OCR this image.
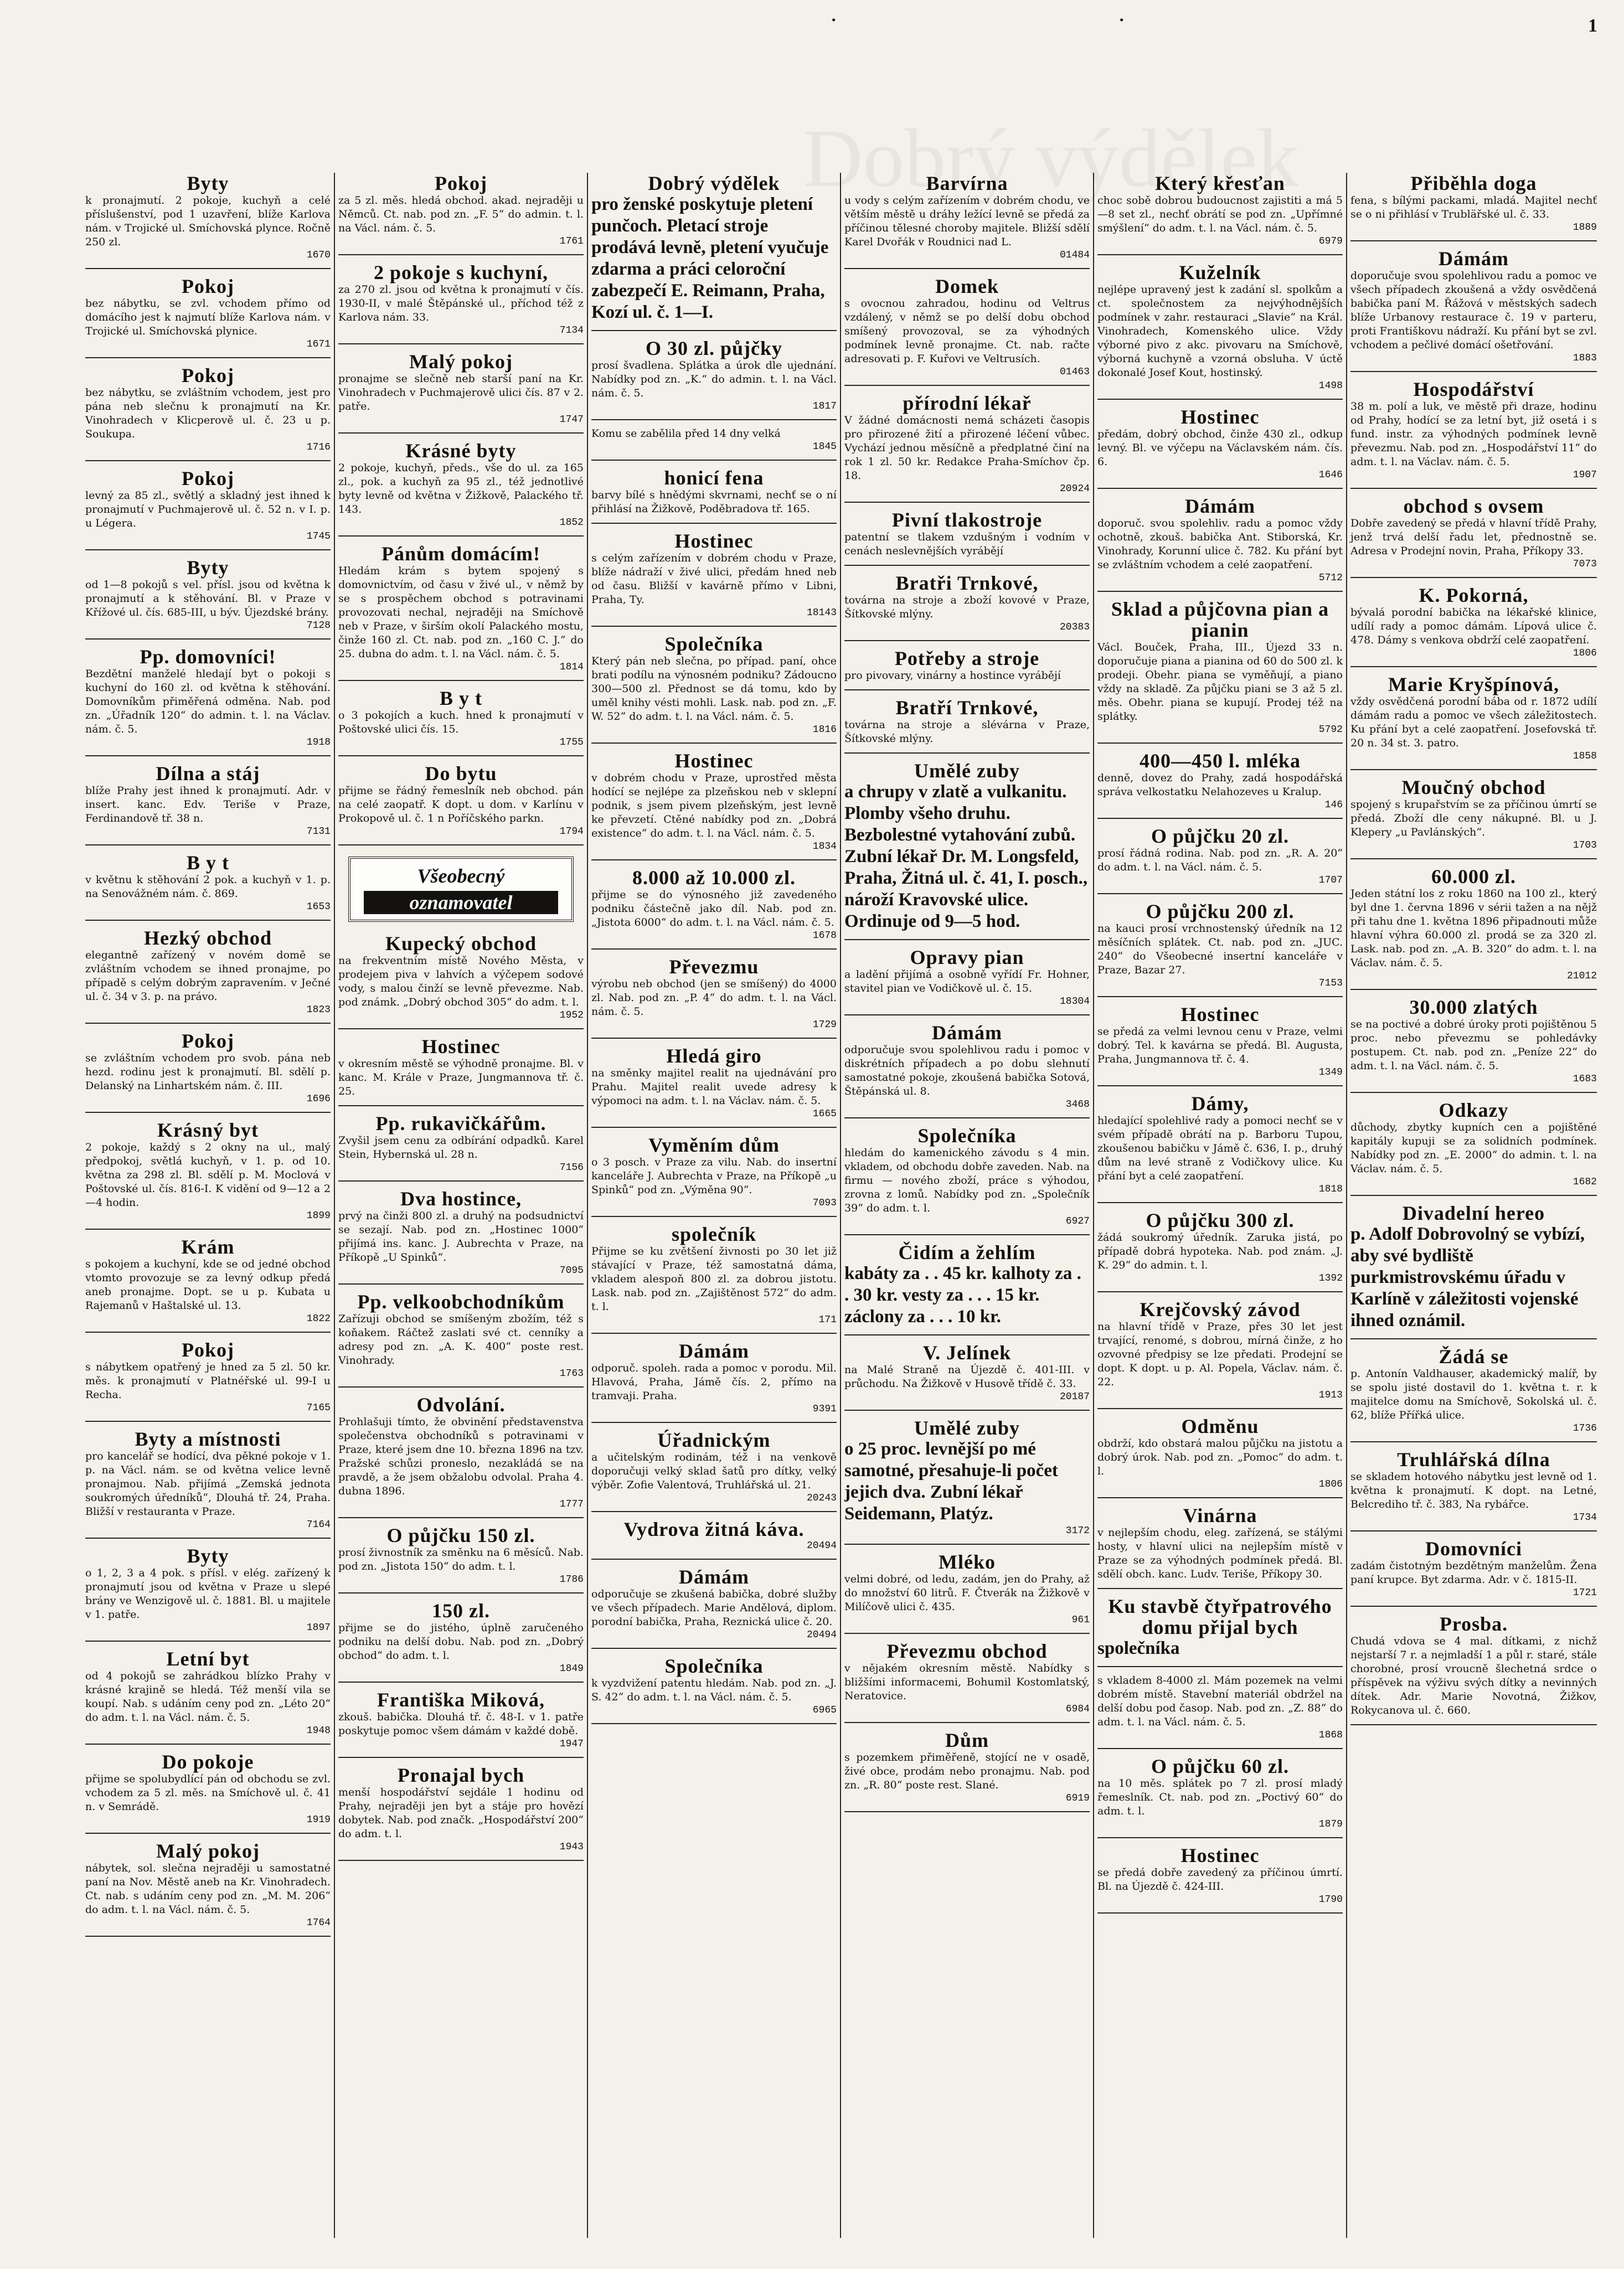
˙	˙	1
Byty
k pronajmutí. 2 pokoje, kuchyň a celé příslušenství, pod 1 uzavření, blíže Karlova nám. v Trojické ul. Smíchovská plynce. Ročně 250 zl.
1670
Pokoj
bez nábytku, se zvl. vchodem přímo od domácího jest k najmutí blíže Karlova nám. v Trojické ul. Smíchovská plynice.
1671
Pokoj
bez nábytku, se zvláštním vchodem, jest pro pána neb slečnu k pronajmutí na Kr. Vinohradech v Klicperově ul. č. 23 u p. Soukupa.
1716
Pokoj
levný za 85 zl., světlý a skladný jest ihned k pronajmutí v Puchmajerově ul. č. 52 n. v I. p. u Légera.
1745
Byty
od 1—8 pokojů s vel. přísl. jsou od května k pronajmutí a k stěhování. Bl. v Praze v Křížové ul. čís. 685-III, u býv. Újezdské brány.
7128
Pp. domovníci!
Bezdětní manželé hledají byt o pokoji s kuchyní do 160 zl. od května k stěhování. Domovníkům přiměřená odměna. Nab. pod zn. „Úřadník 120“ do admin. t. l. na Václav. nám. č. 5.
1918
Dílna a stáj
blíže Prahy jest ihned k pronajmutí. Adr. v insert. kanc. Edv. Teriše v Praze, Ferdinandově tř. 38 n.
7131
B y t
v květnu k stěhování 2 pok. a kuchyň v 1. p. na Senovážném nám. č. 869.
1653
Hezký obchod
elegantně zařízený v novém domě se zvláštním vchodem se ihned pronajme, po případě s celým dobrým zapravením. v Ječné ul. č. 34 v 3. p. na právo.
1823
Pokoj
se zvláštním vchodem pro svob. pána neb hezd. rodinu jest k pronajmutí. Bl. sdělí p. Delanský na Linhartském nám. č. III.
1696
Krásný byt
2 pokoje, každý s 2 okny na ul., malý předpokoj, světlá kuchyň, v 1. p. od 10. května za 298 zl. Bl. sdělí p. M. Moclová v Poštovské ul. čís. 816-I. K vidění od 9—12 a 2—4 hodin.
1899
Krám
s pokojem a kuchyní, kde se od jedné obchod vtomto provozuje se za levný odkup předá aneb pronajme. Dopt. se u p. Kubata u Rajemanů v Haštalské ul. 13.
1822
Pokoj
s nábytkem opatřený je hned za 5 zl. 50 kr. měs. k pronajmutí v Platnéřské ul. 99-I u Recha.
7165
Byty a místnosti
pro kancelář se hodící, dva pěkné pokoje v 1. p. na Václ. nám. se od května velice levně pronajmou. Nab. přijímá „Zemská jednota soukromých úředníků“, Dlouhá tř. 24, Praha. Bližší v restauranta v Praze.
7164
Byty
o 1, 2, 3 a 4 pok. s přísl. v elég. zařízený k pronajmutí jsou od května v Praze u slepé brány ve Wenzigově ul. č. 1881. Bl. u majitele v 1. patře.
1897
Letní byt
od 4 pokojů se zahrádkou blízko Prahy v krásné krajině se hledá. Též menší vila se koupí. Nab. s udáním ceny pod zn. „Léto 20“ do adm. t. l. na Václ. nám. č. 5.
1948
Do pokoje
přijme se spolubydlící pán od obchodu se zvl. vchodem za 5 zl. měs. na Smíchově ul. č. 41 n. v Semrádě.
1919
Malý pokoj
nábytek, sol. slečna nejraději u samostatné paní na Nov. Městě aneb na Kr. Vinohradech. Ct. nab. s udáním ceny pod zn. „M. M. 206“ do adm. t. l. na Václ. nám. č. 5.
1764
Pokoj
za 5 zl. měs. hledá obchod. akad. nejraději u Němců. Ct. nab. pod zn. „F. 5“ do admin. t. l. na Václ. nám. č. 5.
1761
2 pokoje s kuchyní,
za 270 zl. jsou od května k pronajmutí v čís. 1930-II, v malé Štěpánské ul., příchod též z Karlova nám. 33.
7134
Malý pokoj
pronajme se slečně neb starší paní na Kr. Vinohradech v Puchmajerově ulici čís. 87 v 2. patře.
1747
Krásné byty
2 pokoje, kuchyň, předs., vše do ul. za 165 zl., pok. a kuchyň za 95 zl., též jednotlivé byty levně od května v Žižkově, Palackého tř. 143.
1852
Pánům domácím!
Hledám krám s bytem spojený s domovnictvím, od času v živé ul., v němž by se s prospěchem obchod s potravinami provozovati nechal, nejraději na Smíchově neb v Praze, v širším okolí Palackého mostu, činže 160 zl. Ct. nab. pod zn. „160 C. J.“ do 25. dubna do adm. t. l. na Václ. nám. č. 5.
1814
B y t
o 3 pokojích a kuch. hned k pronajmutí v Poštovské ulici čís. 15.
1755
Do bytu
přijme se řádný řemeslník neb obchod. pán na celé zaopatř. K dopt. u dom. v Karlínu v Prokopově ul. č. 1 n Poříčského parkn.
1794
Všeobecný
oznamovatel
Kupecký obchod
na frekventním místě Nového Města, v prodejem piva v lahvích a výčepem sodové vody, s malou činží se levně převezme. Nab. pod známk. „Dobrý obchod 305“ do adm. t. l.
1952
Hostinec
v okresním městě se výhodně pronajme. Bl. v kanc. M. Krále v Praze, Jungmannova tř. č. 25.
Pp. rukavičkářům.
Zvyšil jsem cenu za odbírání odpadků. Karel Stein, Hybernská ul. 28 n.
7156
Dva hostince,
prvý na činži 800 zl. a druhý na podsudnictví se sezají. Nab. pod zn. „Hostinec 1000“ přijímá ins. kanc. J. Aubrechta v Praze, na Příkopě „U Spinků“.
7095
Pp. velkoobchodníkům
Zařízuji obchod se smíšeným zbožím, též s koňakem. Ráčtež zaslati své ct. cenníky a adresy pod zn. „A. K. 400“ poste rest. Vinohrady.
1763
Odvolání.
Prohlašuji tímto, že obvinění představenstva společenstva obchodníků s potravinami v Praze, které jsem dne 10. března 1896 na tzv. Pražské schůzi proneslo, nezakládá se na pravdě, a že jsem obžalobu odvolal. Praha 4. dubna 1896.
1777
O půjčku 150 zl.
prosí živnostník za směnku na 6 měsíců. Nab. pod zn. „Jistota 150“ do adm. t. l.
1786
150 zl.
přijme se do jistého, úplně zaručeného podniku na delší dobu. Nab. pod zn. „Dobrý obchod“ do adm. t. l.
1849
Františka Miková,
zkouš. babička. Dlouhá tř. č. 48-I. v 1. patře poskytuje pomoc všem dámám v každé době.
1947
Pronajal bych
menší hospodářství sejdále 1 hodinu od Prahy, nejraději jen byt a stáje pro hovězí dobytek. Nab. pod značk. „Hospodářství 200“ do adm. t. l.
1943
Dobrý výdělek
pro ženské poskytuje pletení punčoch. Pletací stroje prodává levně, pletení vyučuje zdarma a práci celoroční zabezpečí E. Reimann, Praha, Kozí ul. č. 1—I.
O 30 zl. půjčky
prosí švadlena. Splátka a úrok dle ujednání. Nabídky pod zn. „K.“ do admin. t. l. na Václ. nám. č. 5.
1817
Komu se zabělila před 14 dny velká
1845
honicí fena
barvy bílé s hnědými skvrnami, nechť se o ní přihlásí na Žižkově, Poděbradova tř. 165.
Hostinec
s celým zařízením v dobrém chodu v Praze, blíže nádraží v živé ulici, předám hned neb od času. Bližší v kavárně přímo v Libni, Praha, Ty.
18143
Společníka
Který pán neb slečna, po případ. paní, ohce brati podílu na výnosném podniku? Zádoucno 300—500 zl. Přednost se dá tomu, kdo by uměl knihy vésti mohli. Lask. nab. pod zn. „F. W. 52“ do adm. t. l. na Václ. nám. č. 5.
1816
Hostinec
v dobrém chodu v Praze, uprostřed města hodící se nejlépe za plzeňskou neb v sklepní podnik, s jsem pivem plzeňským, jest levně ke převzetí. Ctěné nabídky pod zn. „Dobrá existence“ do adm. t. l. na Václ. nám. č. 5.
1834
8.000 až 10.000 zl.
přijme se do výnosného již zavedeného podniku částečně jako díl. Nab. pod zn. „Jistota 6000“ do adm. t. l. na Václ. nám. č. 5.
1678
Převezmu
výrobu neb obchod (jen se smíšený) do 4000 zl. Nab. pod zn. „P. 4“ do adm. t. l. na Václ. nám. č. 5.
1729
Hledá giro
na směnky majitel realit na ujednávání pro Prahu. Majitel realit uvede adresy k výpomoci na adm. t. l. na Václav. nám. č. 5.
1665
Vyměním dům
o 3 posch. v Praze za vilu. Nab. do insertní kanceláře J. Aubrechta v Praze, na Příkopě „u Spinků“ pod zn. „Výměna 90“.
7093
společník
Přijme se ku zvětšení živnosti po 30 let již stávající v Praze, též samostatná dáma, vkladem alespoň 800 zl. za dobrou jistotu. Lask. nab. pod zn. „Zajištěnost 572“ do adm. t. l.
171
Dámám
odporuč. spoleh. rada a pomoc v porodu. Mil. Hlavová, Praha, Jámě čís. 2, přímo na tramvaji. Praha.
9391
Úřadnickým
a učitelským rodinám, též i na venkově doporučuji velký sklad šatů pro dítky, velký výběr. Zofie Valentová, Truhlářská ul. 21.
20243
Vydrova žitná káva.
20494
Dámám
odporučuje se zkušená babička, dobré služby ve všech případech. Marie Andělová, diplom. porodní babička, Praha, Reznická ulice č. 20.
20494
Společníka
k vyzdvižení patentu hledám. Nab. pod zn. „J. S. 42“ do adm. t. l. na Václ. nám. č. 5.
6965
Barvírna
u vody s celým zařízením v dobrém chodu, ve větším městě u dráhy ležící levně se předá za příčinou tělesné choroby majitele. Bližší sdělí Karel Dvořák v Roudnici nad L.
01484
Domek
s ovocnou zahradou, hodinu od Veltrus vzdálený, v němž se po delší dobu obchod smíšený provozoval, se za výhodných podmínek levně pronajme. Ct. nab. račte adresovati p. F. Kuřovi ve Veltrusích.
01463
přírodní lékař
V žádné domácnosti nemá scházeti časopis pro přirozené žití a přirozené léčení vůbec. Vychází jednou měsíčně a předplatné činí na rok 1 zl. 50 kr. Redakce Praha-Smíchov čp. 18.
20924
Pivní tlakostroje
patentní se tlakem vzdušným i vodním v cenách neslevnějších vyrábějí
Bratři Trnkové,
továrna na stroje a zboží kovové v Praze, Šítkovské mlýny.
20383
Potřeby a stroje
pro pivovary, vinárny a hostince vyrábějí
Bratří Trnkové,
továrna na stroje a slévárna v Praze, Šítkovské mlýny.
Umělé zuby
a chrupy v zlatě a vulkanitu. Plomby všeho druhu. Bezbolestné vytahování zubů. Zubní lékař Dr. M. Longsfeld, Praha, Žitná ul. č. 41, I. posch., nároží Kravovské ulice. Ordinuje od 9—5 hod.
Opravy pian
a ladění přijímá a osobně vyřídí Fr. Hohner, stavitel pian ve Vodičkově ul. č. 15.
18304
Dámám
odporučuje svou spolehlivou radu i pomoc v diskrétních případech a po dobu slehnutí samostatné pokoje, zkoušená babička Sotová, Štěpánská ul. 8.
3468
Společníka
hledám do kamenického závodu s 4 min. vkladem, od obchodu dobře zaveden. Nab. na firmu — nového zboží, práce s výhodou, zrovna z lomů. Nabídky pod zn. „Společník 39“ do adm. t. l.
6927
Čidím a žehlím
kabáty za . . 45 kr. kalhoty za . . 30 kr. vesty za . . . 15 kr. záclony za . . . 10 kr.
V. Jelínek
na Malé Straně na Újezdě č. 401-III. v průchodu. Na Žižkově v Husově třídě č. 33.
20187
Umělé zuby
o 25 proc. levnější po mé samotné, přesahuje-li počet jejich dva. Zubní lékař Seidemann, Platýz.
3172
Mléko
velmi dobré, od ledu, zadám, jen do Prahy, až do množství 60 litrů. F. Čtverák na Žižkově v Milíčově ulici č. 435.
961
Převezmu obchod
v nějakém okresním městě. Nabídky s bližšími informacemi, Bohumil Kostomlatský, Neratovice.
6984
Dům
s pozemkem přiměřeně, stojící ne v osadě, živé obce, prodám nebo pronajmu. Nab. pod zn. „R. 80“ poste rest. Slané.
6919
Který křesťan
choc sobě dobrou budoucnost zajistiti a má 5—8 set zl., nechť obrátí se pod zn. „Upřímné smýšlení“ do adm. t. l. na Václ. nám. č. 5.
6979
Kuželník
nejlépe upravený jest k zadání sl. spolkům a ct. společnostem za nejvýhodnějších podmínek v zahr. restauraci „Slavie“ na Král. Vinohradech, Komenského ulice. Vždy výborné pivo z akc. pivovaru na Smíchově, výborná kuchyně a vzorná obsluha. V úctě dokonalé Josef Kout, hostinský.
1498
Hostinec
předám, dobrý obchod, činže 430 zl., odkup levný. Bl. ve výčepu na Václavském nám. čís. 6.
1646
Dámám
doporuč. svou spolehliv. radu a pomoc vždy ochotně, zkouš. babička Ant. Stiborská, Kr. Vinohrady, Korunní ulice č. 782. Ku přání byt se zvláštním vchodem a celé zaopatření.
5712
Sklad a půjčovna pian a pianin
Václ. Bouček, Praha, III., Újezd 33 n. doporučuje piana a pianina od 60 do 500 zl. k prodeji. Obehr. piana se vyměňují, a piano vždy na skladě. Za půjčku piani se 3 až 5 zl. měs. Obehr. piana se kupují. Prodej též na splátky.
5792
400—450 l. mléka
denně, dovez do Prahy, zadá hospodářská správa velkostatku Nelahozeves u Kralup.
146
O půjčku 20 zl.
prosí řádná rodina. Nab. pod zn. „R. A. 20“ do adm. t. l. na Václ. nám. č. 5.
1707
O půjčku 200 zl.
na kauci prosí vrchnostenský úředník na 12 měsíčních splátek. Ct. nab. pod zn. „JUC. 240“ do Všeobecné insertní kanceláře v Praze, Bazar 27.
7153
Hostinec
se předá za velmi levnou cenu v Praze, velmi dobrý. Tel. k kavárna se předá. Bl. Augusta, Praha, Jungmannova tř. č. 4.
1349
Dámy,
hledající spolehlivé rady a pomoci nechť se v svém případě obrátí na p. Barboru Tupou, zkoušenou babičku v Jámě č. 636, I. p., druhý dům na levé straně z Vodičkovy ulice. Ku přání byt a celé zaopatření.
1818
O půjčku 300 zl.
žádá soukromý úředník. Zaruka jistá, po případě dobrá hypoteka. Nab. pod znám. „J. K. 29“ do admin. t. l.
1392
Krejčovský závod
na hlavní třídě v Praze, přes 30 let jest trvající, renomé, s dobrou, mírná činže, z ho ozvovné předpisy se lze předati. Prodejní se dopt. K dopt. u p. Al. Popela, Václav. nám. č. 22.
1913
Odměnu
obdrží, kdo obstará malou půjčku na jistotu a dobrý úrok. Nab. pod zn. „Pomoc“ do adm. t. l.
1806
Vinárna
v nejlepším chodu, eleg. zařízená, se stálými hosty, v hlavní ulici na nejlepším místě v Praze se za výhodných podmínek předá. Bl. sdělí obch. kanc. Ludv. Teriše, Příkopy 30.
Ku stavbě čtyřpatrového domu přijal bych
společníka
s vkladem 8-4000 zl. Mám pozemek na velmi dobrém místě. Stavební materiál obdržel na delší dobu pod časop. Nab. pod zn. „Z. 88“ do adm. t. l. na Václ. nám. č. 5.
1868
O půjčku 60 zl.
na 10 měs. splátek po 7 zl. prosí mladý řemeslník. Ct. nab. pod zn. „Poctivý 60“ do adm. t. l.
1879
Hostinec
se předá dobře zavedený za příčinou úmrtí. Bl. na Újezdě č. 424-III.
1790
Přiběhla doga
fena, s bílými packami, mladá. Majitel nechť se o ni přihlásí v Trubläřské ul. č. 33.
1889
Dámám
doporučuje svou spolehlivou radu a pomoc ve všech případech zkoušená a vždy osvědčená babička paní M. Řážová v městských sadech blíže Urbanovy restaurace č. 19 v parteru, proti Františkovu nádraží. Ku přání byt se zvl. vchodem a pečlivé domácí ošetřování.
1883
Hospodářství
38 m. polí a luk, ve městě při draze, hodinu od Prahy, hodící se za letní byt, již osetá i s fund. instr. za výhodných podmínek levně převezmu. Nab. pod zn. „Hospodářství 11“ do adm. t. l. na Václav. nám. č. 5.
1907
obchod s ovsem
Dobře zavedený se předá v hlavní třídě Prahy, jenž trvá delší řadu let, přednostně se. Adresa v Prodejní novin, Praha, Příkopy 33.
7073
K. Pokorná,
bývalá porodní babička na lékařské klinice, udílí rady a pomoc dámám. Lípová ulice č. 478. Dámy s venkova obdrží celé zaopatření.
1806
Marie Kryšpínová,
vždy osvědčená porodní bába od r. 1872 udílí dámám radu a pomoc ve všech záležitostech. Ku přání byt a celé zaopatření. Josefovská tř. 20 n. 34 st. 3. patro.
1858
Moučný obchod
spojený s krupařstvím se za příčinou úmrtí se předá. Zboží dle ceny nákupné. Bl. u J. Klepery „u Pavlánských“.
1703
60.000 zl.
Jeden státní los z roku 1860 na 100 zl., který byl dne 1. června 1896 v sérii tažen a na nějž při tahu dne 1. května 1896 připadnouti může hlavní výhra 60.000 zl. prodá se za 320 zl. Lask. nab. pod zn. „A. B. 320“ do adm. t. l. na Václav. nám. č. 5.
21012
30.000 zlatých
se na poctivé a dobré úroky proti pojištěnou 5 proc. nebo převezmu se pohledávky postupem. Ct. nab. pod zn. „Peníze 22“ do adm. t. l. na Václ. nám. č. 5.
1683
Odkazy
důchody, zbytky kupních cen a pojištěné kapitály kupuji se za solidních podmínek. Nabídky pod zn. „E. 2000“ do admin. t. l. na Václav. nám. č. 5.
1682
Divadelní hereo
p. Adolf Dobrovolný se vybízí, aby své bydliště purkmistrovskému úřadu v Karlíně v záležitosti vojenské ihned oznámil.
Žádá se
p. Antonín Valdhauser, akademický malíř, by se spolu jisté dostavil do 1. května t. r. k majitelce domu na Smíchově, Sokolská ul. č. 62, blíže Přířká ulice.
1736
Truhlářská dílna
se skladem hotového nábytku jest levně od 1. května k pronajmutí. K dopt. na Letné, Belcrediho tř. č. 383, Na rybářce.
1734
Domovníci
zadám čistotným bezdětným manželům. Žena paní krupce. Byt zdarma. Adr. v č. 1815-II.
1721
Prosba.
Chudá vdova se 4 mal. dítkami, z nichž nejstarší 7 r. a nejmladší 1 a půl r. staré, stále chorobné, prosí vroucně šlechetná srdce o příspěvek na výživu svých dítky a nevinných dítek. Adr. Marie Novotná, Žižkov, Rokycanova ul. č. 660.
